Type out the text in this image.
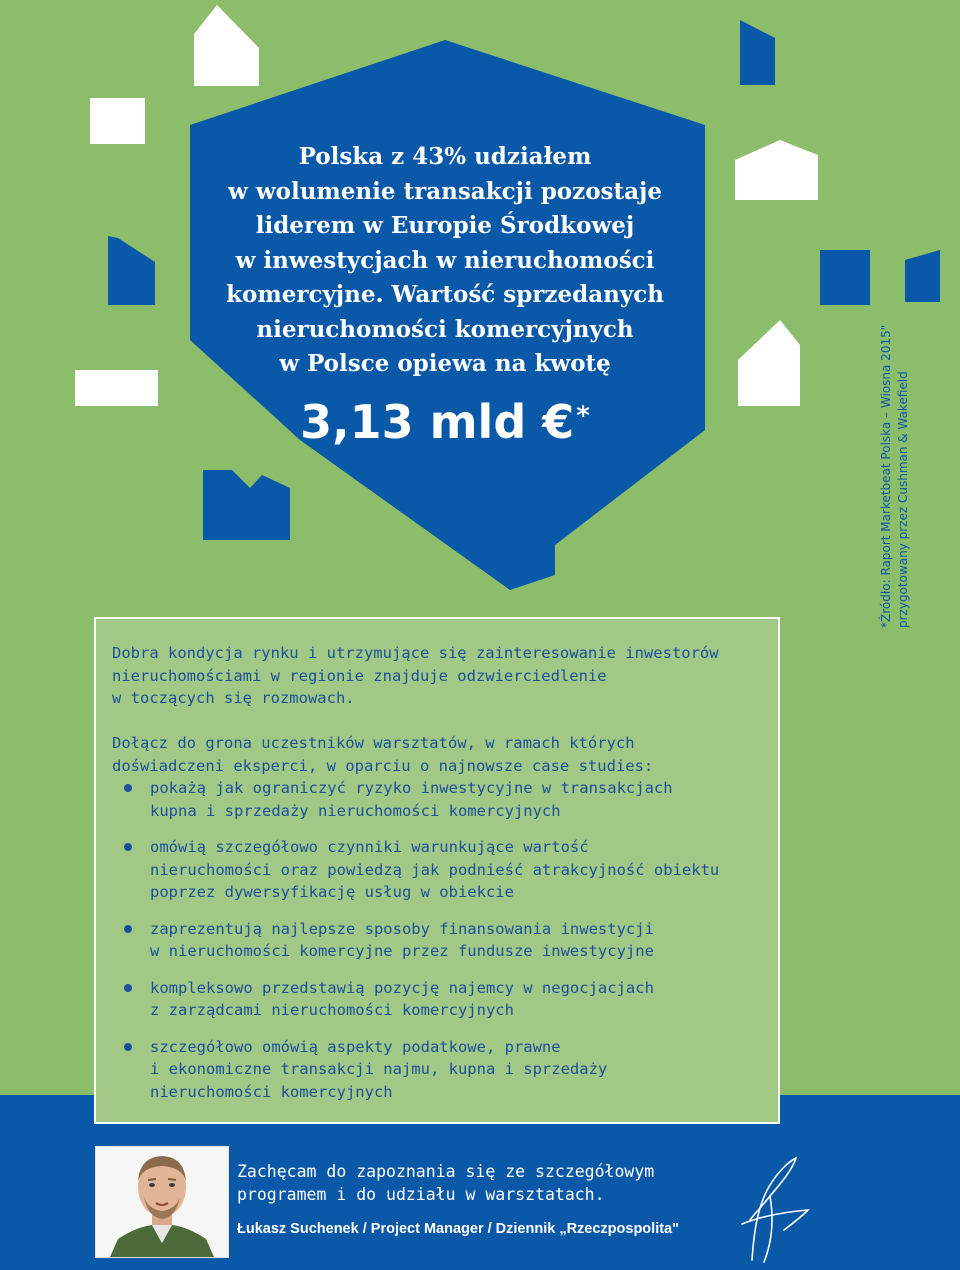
Polska z 43% udziałem
w wolumenie transakcji pozostaje
liderem w Europie Środkowej
w inwestycjach w nieruchomości
komercyjne. Wartość sprzedanych
nieruchomości komercyjnych
w Polsce opiewa na kwotę
3,13 mld €*	*Źródło: Raport Marketbeat Polska – Wiosna 2015" przygotowany przez Cushman & Wakefield
Dobra kondycja rynku i utrzymujące się zainteresowanie inwestorów
nieruchomościami w regionie znajduje odzwierciedlenie
w toczących się rozmowach.
Dołącz do grona uczestników warsztatów, w ramach których
doświadczeni eksperci, w oparciu o najnowsze case studies:
pokażą jak ograniczyć ryzyko inwestycyjne w transakcjach
kupna i sprzedaży nieruchomości komercyjnych
omówią szczegółowo czynniki warunkujące wartość
nieruchomości oraz powiedzą jak podnieść atrakcyjność obiektu
poprzez dywersyfikację usług w obiekcie
zaprezentują najlepsze sposoby finansowania inwestycji
w nieruchomości komercyjne przez fundusze inwestycyjne
kompleksowo przedstawią pozycję najemcy w negocjacjach
z zarządcami nieruchomości komercyjnych
szczegółowo omówią aspekty podatkowe, prawne
i ekonomiczne transakcji najmu, kupna i sprzedaży
nieruchomości komercyjnych
Zachęcam do zapoznania się ze szczegółowym
programem i do udziału w warsztatach.
Łukasz Suchenek / Project Manager / Dziennik „Rzeczpospolita"
